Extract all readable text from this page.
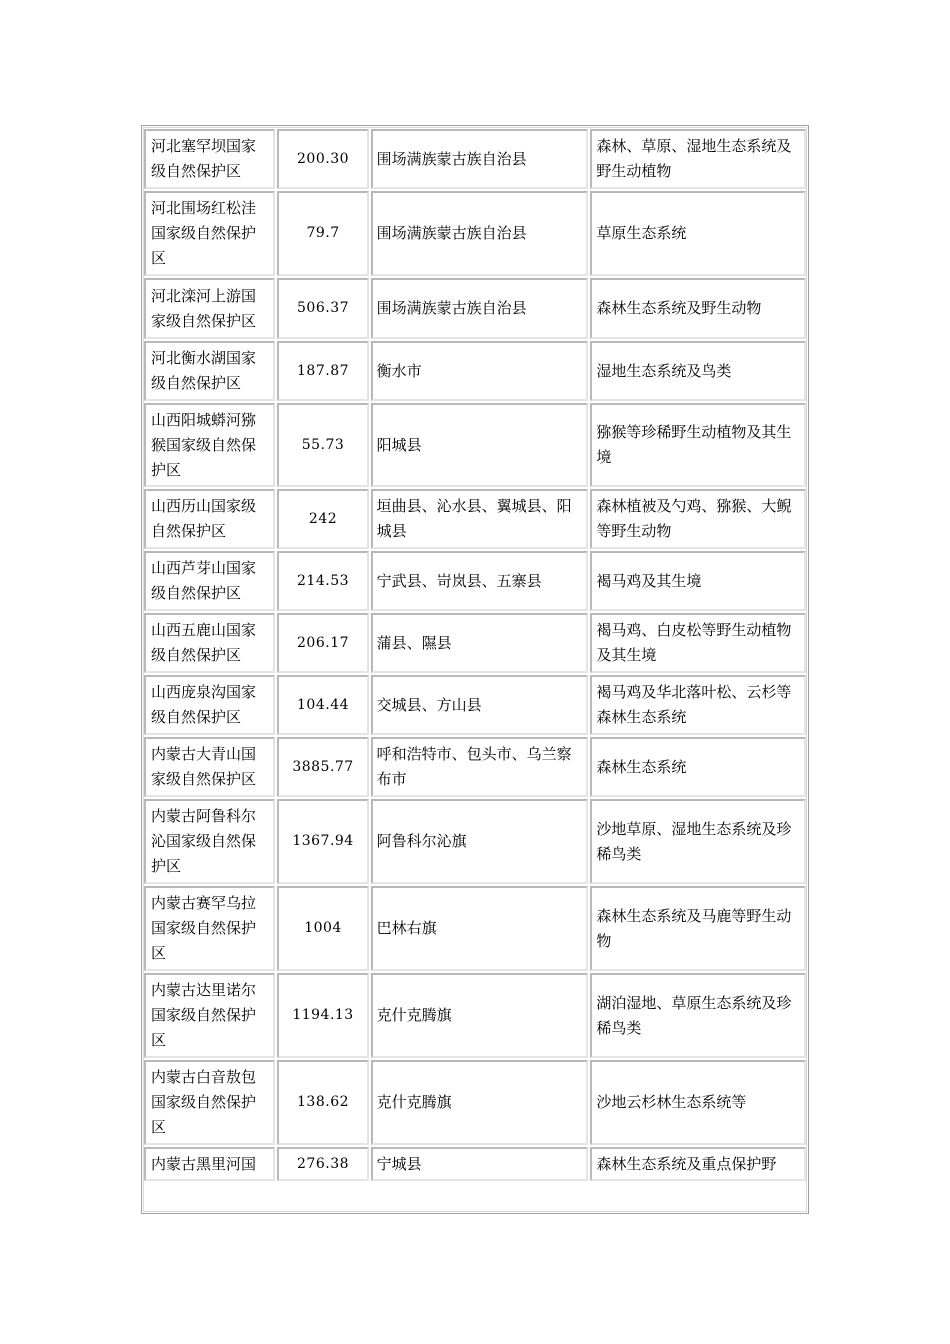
河北塞罕坝国家级自然保护区	200.30	围场满族蒙古族自治县	森林、草原、湿地生态系统及野生动植物
河北围场红松洼国家级自然保护区	79.7	围场满族蒙古族自治县	草原生态系统
河北滦河上游国家级自然保护区	506.37	围场满族蒙古族自治县	森林生态系统及野生动物
河北衡水湖国家级自然保护区	187.87	衡水市	湿地生态系统及鸟类
山西阳城蟒河猕猴国家级自然保护区	55.73	阳城县	猕猴等珍稀野生动植物及其生境
山西历山国家级自然保护区	242	垣曲县、沁水县、翼城县、阳城县	森林植被及勺鸡、猕猴、大鲵等野生动物
山西芦芽山国家级自然保护区	214.53	宁武县、岢岚县、五寨县	褐马鸡及其生境
山西五鹿山国家级自然保护区	206.17	蒲县、隰县	褐马鸡、白皮松等野生动植物及其生境
山西庞泉沟国家级自然保护区	104.44	交城县、方山县	褐马鸡及华北落叶松、云杉等森林生态系统
内蒙古大青山国家级自然保护区	3885.77	呼和浩特市、包头市、乌兰察布市	森林生态系统
内蒙古阿鲁科尔沁国家级自然保护区	1367.94	阿鲁科尔沁旗	沙地草原、湿地生态系统及珍稀鸟类
内蒙古赛罕乌拉国家级自然保护区	1004	巴林右旗	森林生态系统及马鹿等野生动物
内蒙古达里诺尔国家级自然保护区	1194.13	克什克腾旗	湖泊湿地、草原生态系统及珍稀鸟类
内蒙古白音敖包国家级自然保护区	138.62	克什克腾旗	沙地云杉林生态系统等
内蒙古黑里河国	276.38	宁城县	森林生态系统及重点保护野
